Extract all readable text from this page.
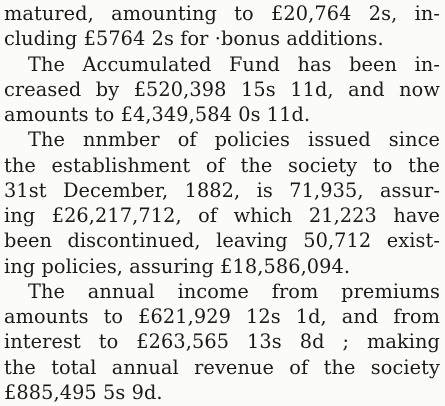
matured, amounting to £20,764 2s, in-
cluding £5764 2s for ·bonus additions.
The Accumulated Fund has been in-
creased by £520,398 15s 11d, and now
amounts to £4,349,584 0s 11d.
The nnmber of policies issued since
the establishment of the society to the
31st December, 1882, is 71,935, assur-
ing £26,217,712, of which 21,223 have
been discontinued, leaving 50,712 exist-
ing policies, assuring £18,586,094.
The annual income from premiums
amounts to £621,929 12s 1d, and from
interest to £263,565 13s 8d ; making
the total annual revenue of the society
£885,495 5s 9d.
